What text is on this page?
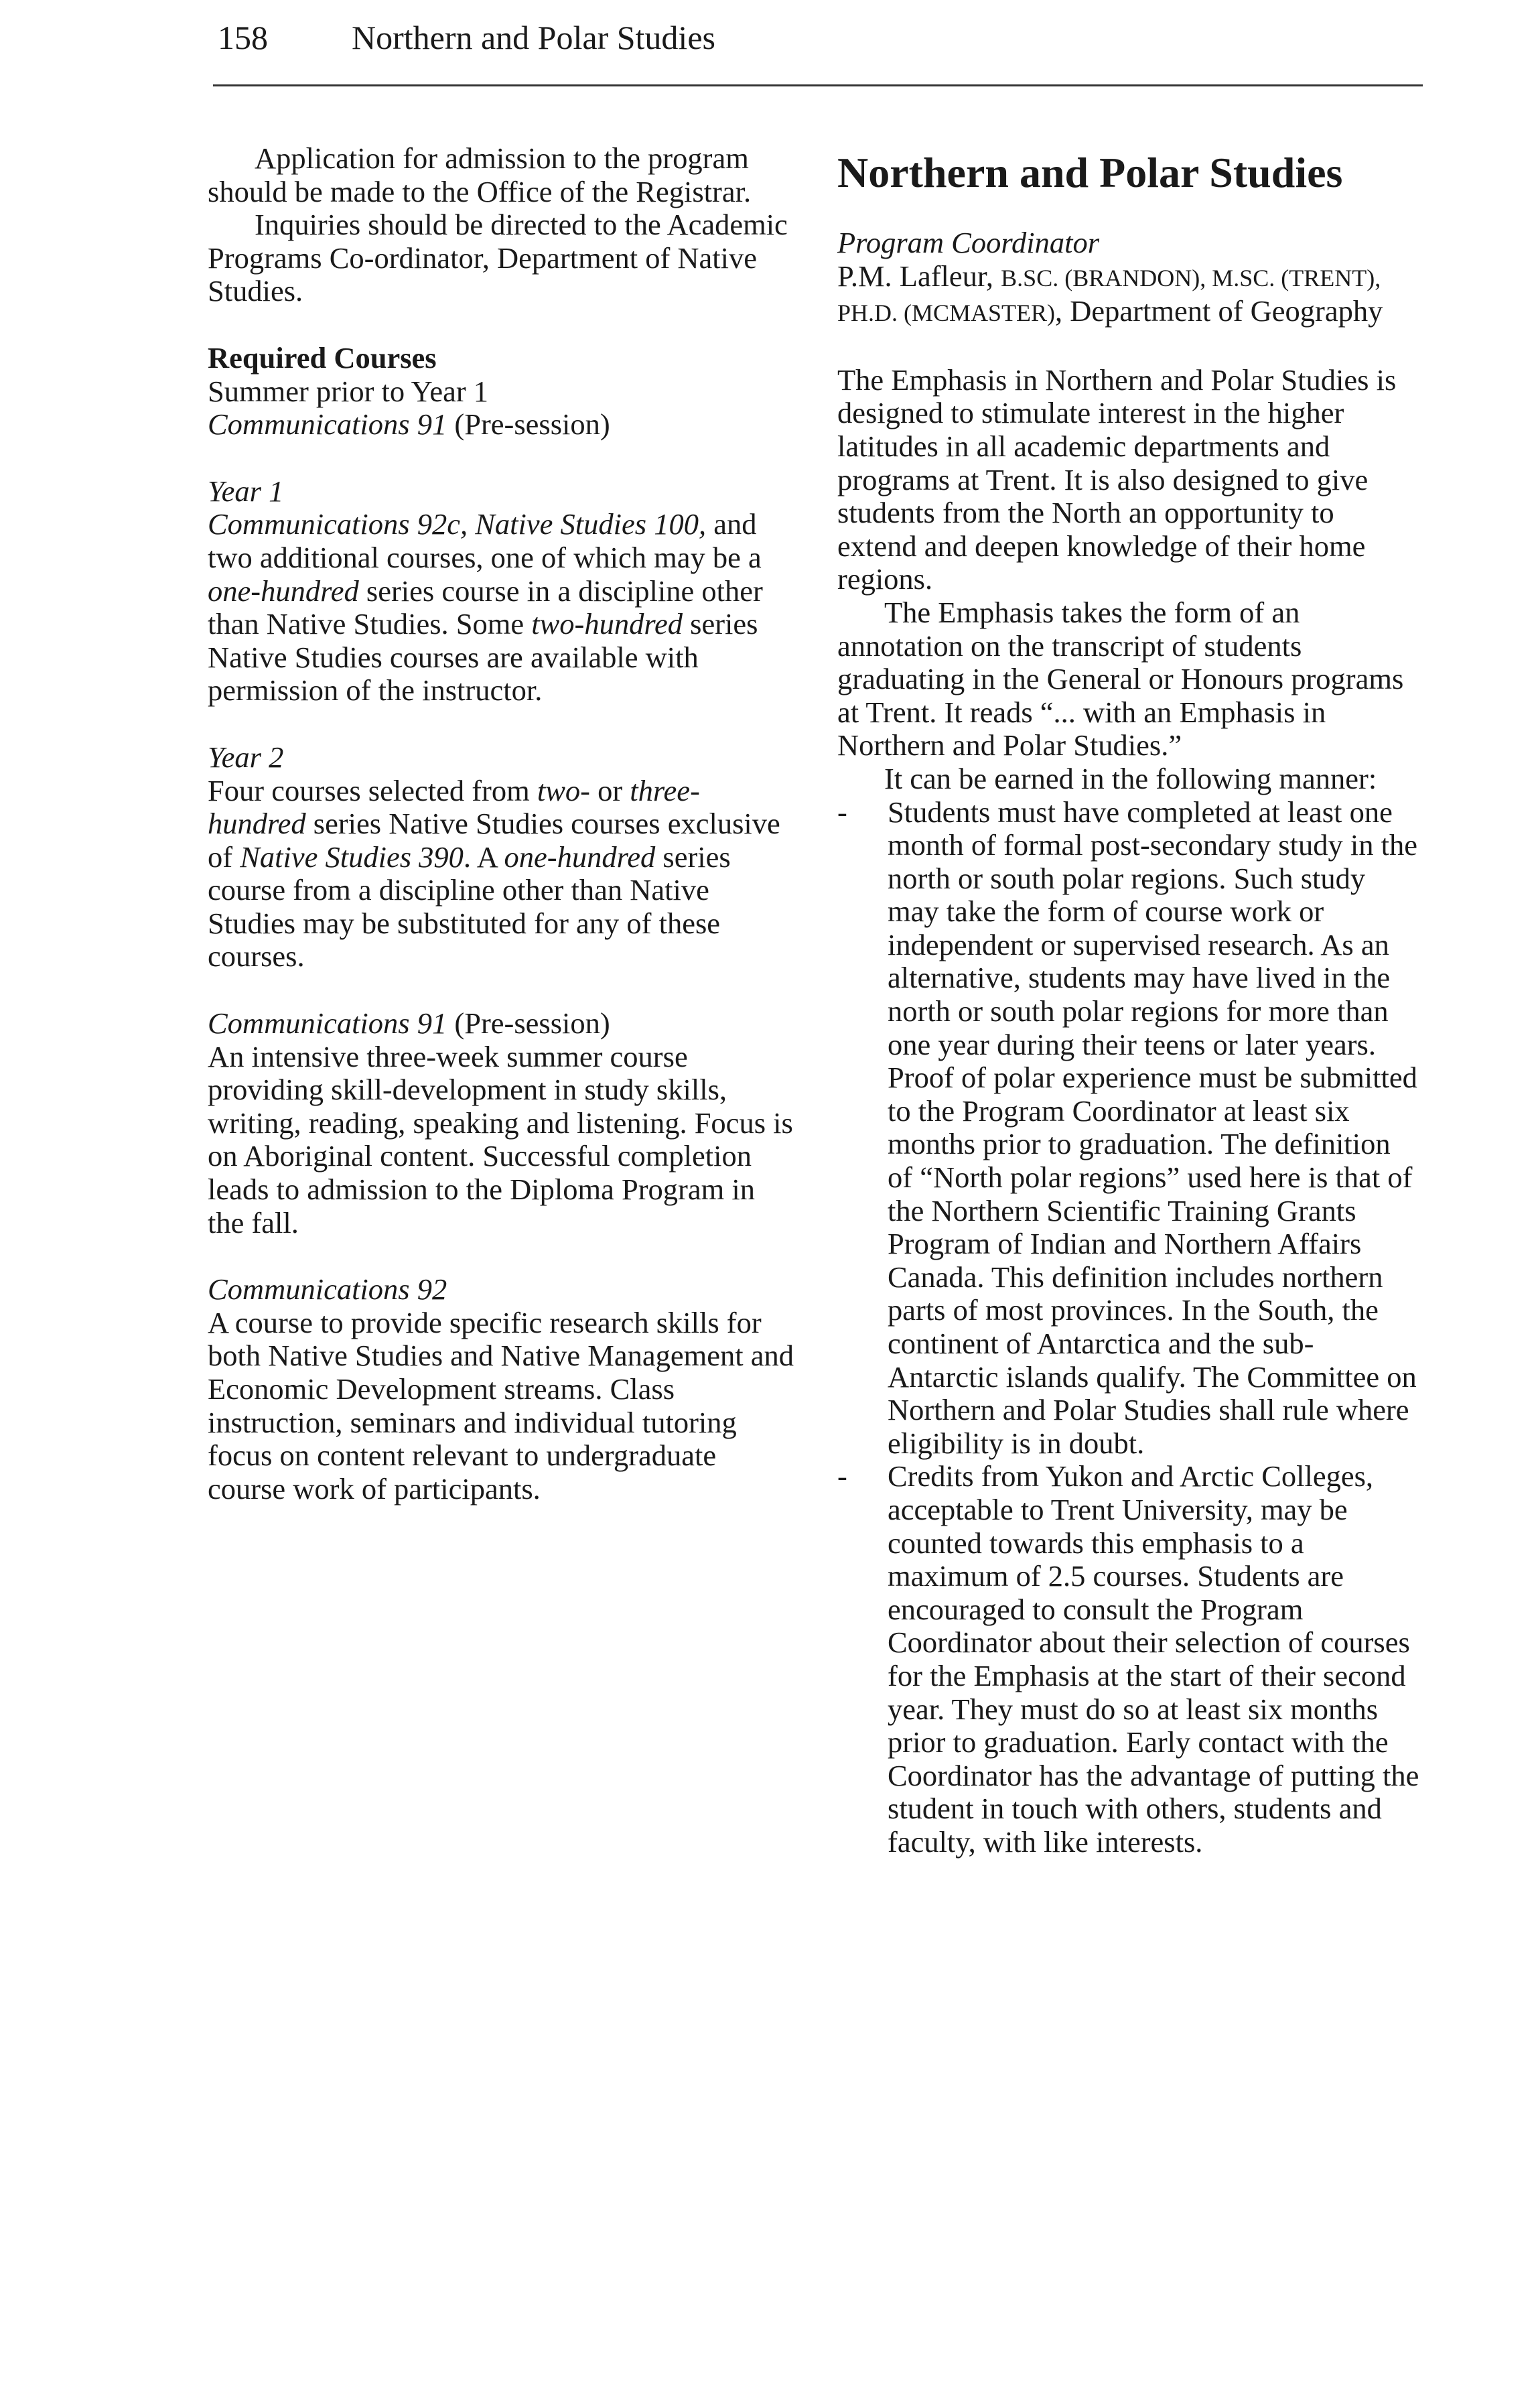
158	Northern and Polar Studies

Application for admission to the program should be made to the Office of the Registrar.

Inquiries should be directed to the Academic Programs Co-ordinator, Department of Native Studies.

Required Courses

Summer prior to Year 1

Communications 91 (Pre-session)

Year 1

Communications 92c, Native Studies 100, and two additional courses, one of which may be a one-hundred series course in a discipline other than Native Studies. Some two-hundred series Native Studies courses are available with permission of the instructor.

Year 2

Four courses selected from two- or three-hundred series Native Studies courses exclusive of Native Studies 390. A one-hundred series course from a discipline other than Native Studies may be substituted for any of these courses.

Communications 91 (Pre-session)

An intensive three-week summer course providing skill-development in study skills, writing, reading, speaking and listening. Focus is on Aboriginal content. Successful completion leads to admission to the Diploma Program in the fall.

Communications 92

A course to provide specific research skills for both Native Studies and Native Management and Economic Development streams. Class instruction, seminars and individual tutoring focus on content relevant to undergraduate course work of participants.

Northern and Polar Studies

Program Coordinator

P.M. Lafleur, B.SC. (BRANDON), M.SC. (TRENT), PH.D. (MCMASTER), Department of Geography

The Emphasis in Northern and Polar Studies is designed to stimulate interest in the higher latitudes in all academic departments and programs at Trent. It is also designed to give students from the North an opportunity to extend and deepen knowledge of their home regions.

The Emphasis takes the form of an annotation on the transcript of students graduating in the General or Honours programs at Trent. It reads “... with an Emphasis in Northern and Polar Studies.”

It can be earned in the following manner:

- Students must have completed at least one month of formal post-secondary study in the north or south polar regions. Such study may take the form of course work or independent or supervised research. As an alternative, students may have lived in the north or south polar regions for more than one year during their teens or later years. Proof of polar experience must be submitted to the Program Coordinator at least six months prior to graduation. The definition of “North polar regions” used here is that of the Northern Scientific Training Grants Program of Indian and Northern Affairs Canada. This definition includes northern parts of most provinces. In the South, the continent of Antarctica and the sub-Antarctic islands qualify. The Committee on Northern and Polar Studies shall rule where eligibility is in doubt.
- Credits from Yukon and Arctic Colleges, acceptable to Trent University, may be counted towards this emphasis to a maximum of 2.5 courses. Students are encouraged to consult the Program Coordinator about their selection of courses for the Emphasis at the start of their second year. They must do so at least six months prior to graduation. Early contact with the Coordinator has the advantage of putting the student in touch with others, students and faculty, with like interests.
